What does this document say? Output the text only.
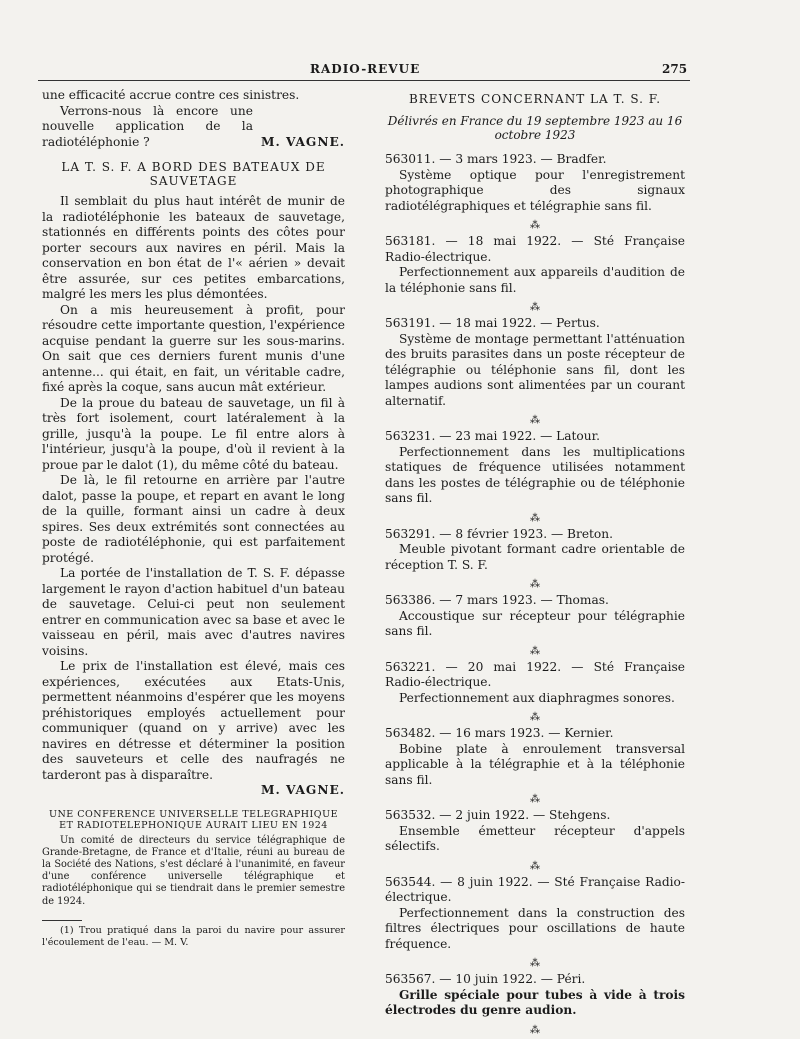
RADIO-REVUE	275

une efficacité accrue contre ces sinistres.

Verrons-nous là encore une nouvelle application de la radiotéléphonie ?	M. VAGNE.
LA T. S. F. A BORD DES BATEAUX DE SAUVETAGE

Il semblait du plus haut intérêt de munir de la radiotéléphonie les bateaux de sauvetage, stationnés en différents points des côtes pour porter secours aux navires en péril. Mais la conservation en bon état de l'« aérien » devait être assurée, sur ces petites embarcations, malgré les mers les plus démontées.

On a mis heureusement à profit, pour résoudre cette importante question, l'expérience acquise pendant la guerre sur les sous-marins. On sait que ces derniers furent munis d'une antenne... qui était, en fait, un véritable cadre, fixé après la coque, sans aucun mât extérieur.

De la proue du bateau de sauvetage, un fil à très fort isolement, court latéralement à la grille, jusqu'à la poupe. Le fil entre alors à l'intérieur, jusqu'à la poupe, d'où il revient à la proue par le dalot (1), du même côté du bateau.

De là, le fil retourne en arrière par l'autre dalot, passe la poupe, et repart en avant le long de la quille, formant ainsi un cadre à deux spires. Ses deux extrémités sont connectées au poste de radiotéléphonie, qui est parfaitement protégé.

La portée de l'installation de T. S. F. dépasse largement le rayon d'action habituel d'un bateau de sauvetage. Celui-ci peut non seulement entrer en communication avec sa base et avec le vaisseau en péril, mais avec d'autres navires voisins.

Le prix de l'installation est élevé, mais ces expériences, exécutées aux Etats-Unis, permettent néanmoins d'espérer que les moyens préhistoriques employés actuellement pour communiquer (quand on y arrive) avec les navires en détresse et déterminer la position des sauveteurs et celle des naufragés ne tarderont pas à disparaître.

M. VAGNE.
UNE CONFERENCE UNIVERSELLE TELEGRAPHIQUE ET RADIOTELEPHONIQUE AURAIT LIEU EN 1924

Un comité de directeurs du service télégraphique de Grande-Bretagne, de France et d'Italie, réuni au bureau de la Société des Nations, s'est déclaré à l'unanimité, en faveur d'une conférence universelle télégraphique et radiotéléphonique qui se tiendrait dans le premier semestre de 1924.

(1) Trou pratiqué dans la paroi du navire pour assurer l'écoulement de l'eau. — M. V.

BREVETS CONCERNANT LA T. S. F.
Délivrés en France du 19 septembre 1923 au 16 octobre 1923

563011. — 3 mars 1923. — Bradfer.

Système optique pour l'enregistrement photographique des signaux radiotélégraphiques et télégraphie sans fil.

⁂

563181. — 18 mai 1922. — Sté Française Radio-électrique.

Perfectionnement aux appareils d'audition de la téléphonie sans fil.

⁂

563191. — 18 mai 1922. — Pertus.

Système de montage permettant l'atténuation des bruits parasites dans un poste récepteur de télégraphie ou téléphonie sans fil, dont les lampes audions sont alimentées par un courant alternatif.

⁂

563231. — 23 mai 1922. — Latour.

Perfectionnement dans les multiplications statiques de fréquence utilisées notamment dans les postes de télégraphie ou de téléphonie sans fil.

⁂

563291. — 8 février 1923. — Breton.

Meuble pivotant formant cadre orientable de réception T. S. F.

⁂

563386. — 7 mars 1923. — Thomas.

Accoustique sur récepteur pour télégraphie sans fil.

⁂

563221. — 20 mai 1922. — Sté Française Radio-électrique.

Perfectionnement aux diaphragmes sonores.

⁂

563482. — 16 mars 1923. — Kernier.

Bobine plate à enroulement transversal applicable à la télégraphie et à la téléphonie sans fil.

⁂

563532. — 2 juin 1922. — Stehgens.

Ensemble émetteur récepteur d'appels sélectifs.

⁂

563544. — 8 juin 1922. — Sté Française Radio-électrique.

Perfectionnement dans la construction des filtres électriques pour oscillations de haute fréquence.

⁂

563567. — 10 juin 1922. — Péri.

Grille spéciale pour tubes à vide à trois électrodes du genre audion.

⁂
